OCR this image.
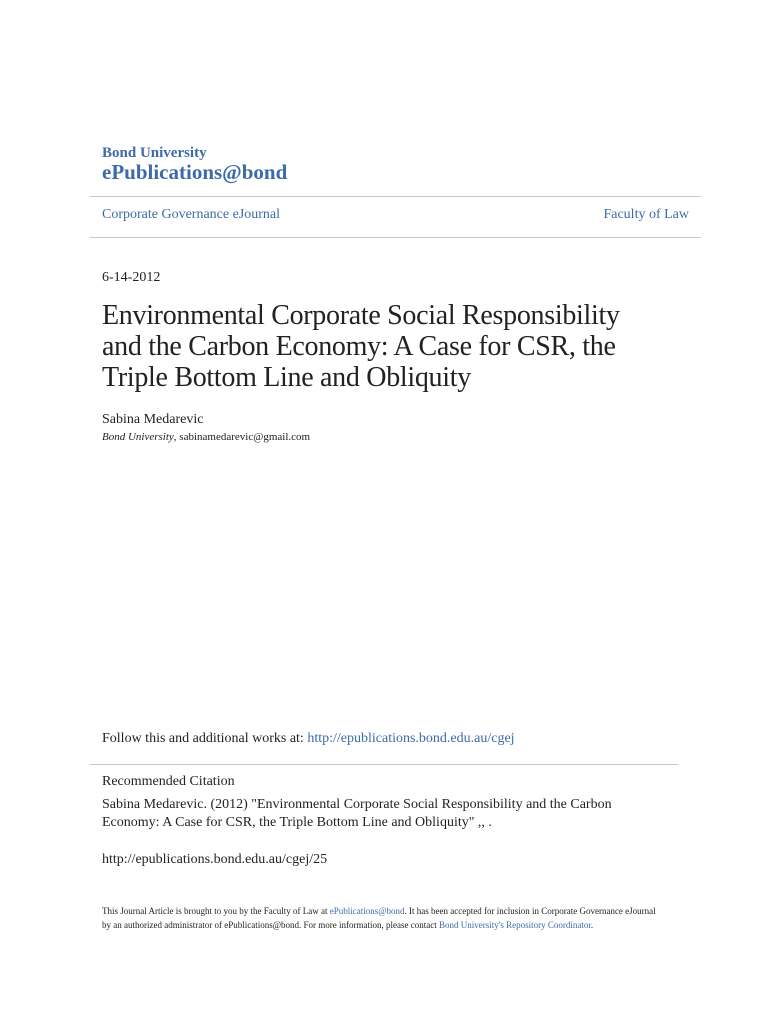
Bond University
ePublications@bond
Corporate Governance eJournal	Faculty of Law
6-14-2012
Environmental Corporate Social Responsibility and the Carbon Economy: A Case for CSR, the Triple Bottom Line and Obliquity
Sabina Medarevic
Bond University, sabinamedarevic@gmail.com
Follow this and additional works at: http://epublications.bond.edu.au/cgej
Recommended Citation
Sabina Medarevic. (2012) "Environmental Corporate Social Responsibility and the Carbon Economy: A Case for CSR, the Triple Bottom Line and Obliquity" ,, .
http://epublications.bond.edu.au/cgej/25
This Journal Article is brought to you by the Faculty of Law at ePublications@bond. It has been accepted for inclusion in Corporate Governance eJournal by an authorized administrator of ePublications@bond. For more information, please contact Bond University's Repository Coordinator.
